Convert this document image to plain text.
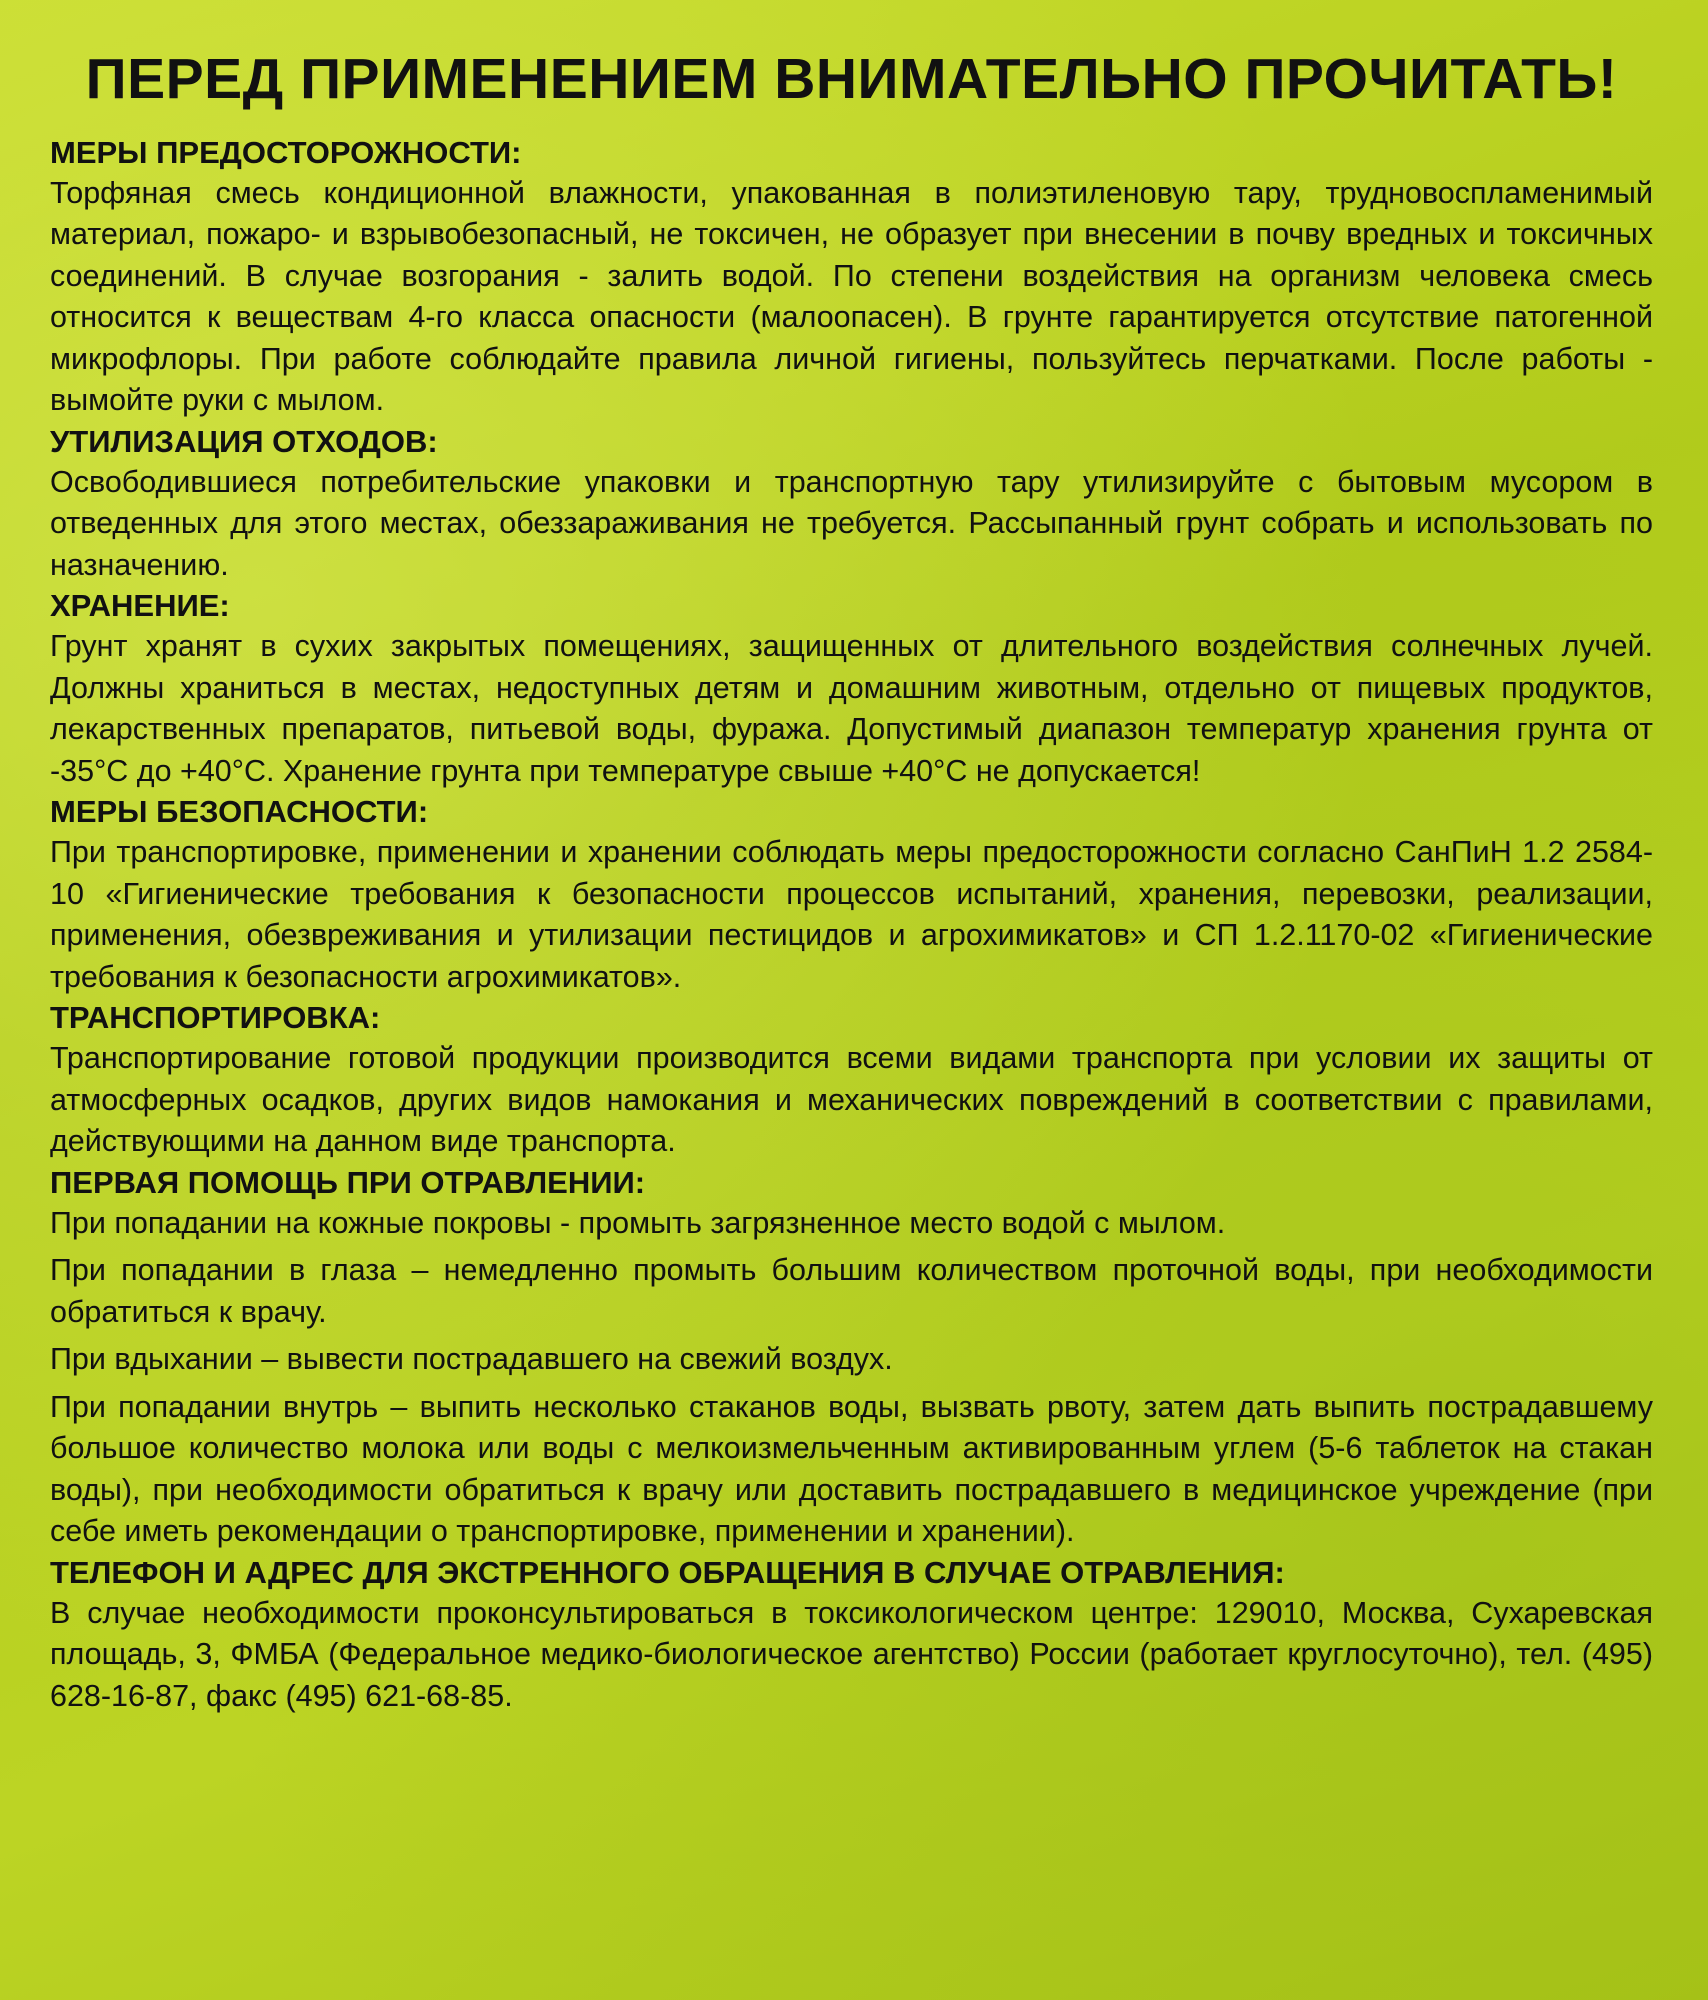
ПЕРЕД ПРИМЕНЕНИЕМ ВНИМАТЕЛЬНО ПРОЧИТАТЬ!
МЕРЫ ПРЕДОСТОРОЖНОСТИ:

Торфяная смесь кондиционной влажности, упакованная в полиэтиленовую тару, трудновоспламенимый материал, пожаро- и взрывобезопасный, не токсичен, не образует при внесении в почву вредных и токсичных соединений. В случае возгорания - залить водой. По степени воздействия на организм человека смесь относится к веществам 4-го класса опасности (малоопасен). В грунте гарантируется отсутствие патогенной микрофлоры. При работе соблюдайте правила личной гигиены, пользуйтесь перчатками. После работы - вымойте руки с мылом.

УТИЛИЗАЦИЯ ОТХОДОВ:

Освободившиеся потребительские упаковки и транспортную тару утилизируйте с бытовым мусором в отведенных для этого местах, обеззараживания не требуется. Рассыпанный грунт собрать и использовать по назначению.

ХРАНЕНИЕ:

Грунт хранят в сухих закрытых помещениях, защищенных от длительного воздействия солнечных лучей. Должны храниться в местах, недоступных детям и домашним животным, отдельно от пищевых продуктов, лекарственных препаратов, питьевой воды, фуража. Допустимый диапазон температур хранения грунта от -35°С до +40°С. Хранение грунта при температуре свыше +40°С не допускается!

МЕРЫ БЕЗОПАСНОСТИ:

При транспортировке, применении и хранении соблюдать меры предосторожности согласно СанПиН 1.2 2584-10 «Гигиенические требования к безопасности процессов испытаний, хранения, перевозки, реализации, применения, обезвреживания и утилизации пестицидов и агрохимикатов» и СП 1.2.1170-02 «Гигиенические требования к безопасности агрохимикатов».

ТРАНСПОРТИРОВКА:

Транспортирование готовой продукции производится всеми видами транспорта при условии их защиты от атмосферных осадков, других видов намокания и механических повреждений в соответствии с правилами, действующими на данном виде транспорта.

ПЕРВАЯ ПОМОЩЬ ПРИ ОТРАВЛЕНИИ:

При попадании на кожные покровы - промыть загрязненное место водой с мылом.

При попадании в глаза – немедленно промыть большим количеством проточной воды, при необходимости обратиться к врачу.

При вдыхании – вывести пострадавшего на свежий воздух.

При попадании внутрь – выпить несколько стаканов воды, вызвать рвоту, затем дать выпить пострадавшему большое количество молока или воды с мелкоизмельченным активированным углем (5-6 таблеток на стакан воды), при необходимости обратиться к врачу или доставить пострадавшего в медицинское учреждение (при себе иметь рекомендации о транспортировке, применении и хранении).

ТЕЛЕФОН И АДРЕС ДЛЯ ЭКСТРЕННОГО ОБРАЩЕНИЯ В СЛУЧАЕ ОТРАВЛЕНИЯ:

В случае необходимости проконсультироваться в токсикологическом центре: 129010, Москва, Сухаревская площадь, 3, ФМБА (Федеральное медико-биологическое агентство) России (работает круглосуточно), тел. (495) 628-16-87, факс (495) 621-68-85.
